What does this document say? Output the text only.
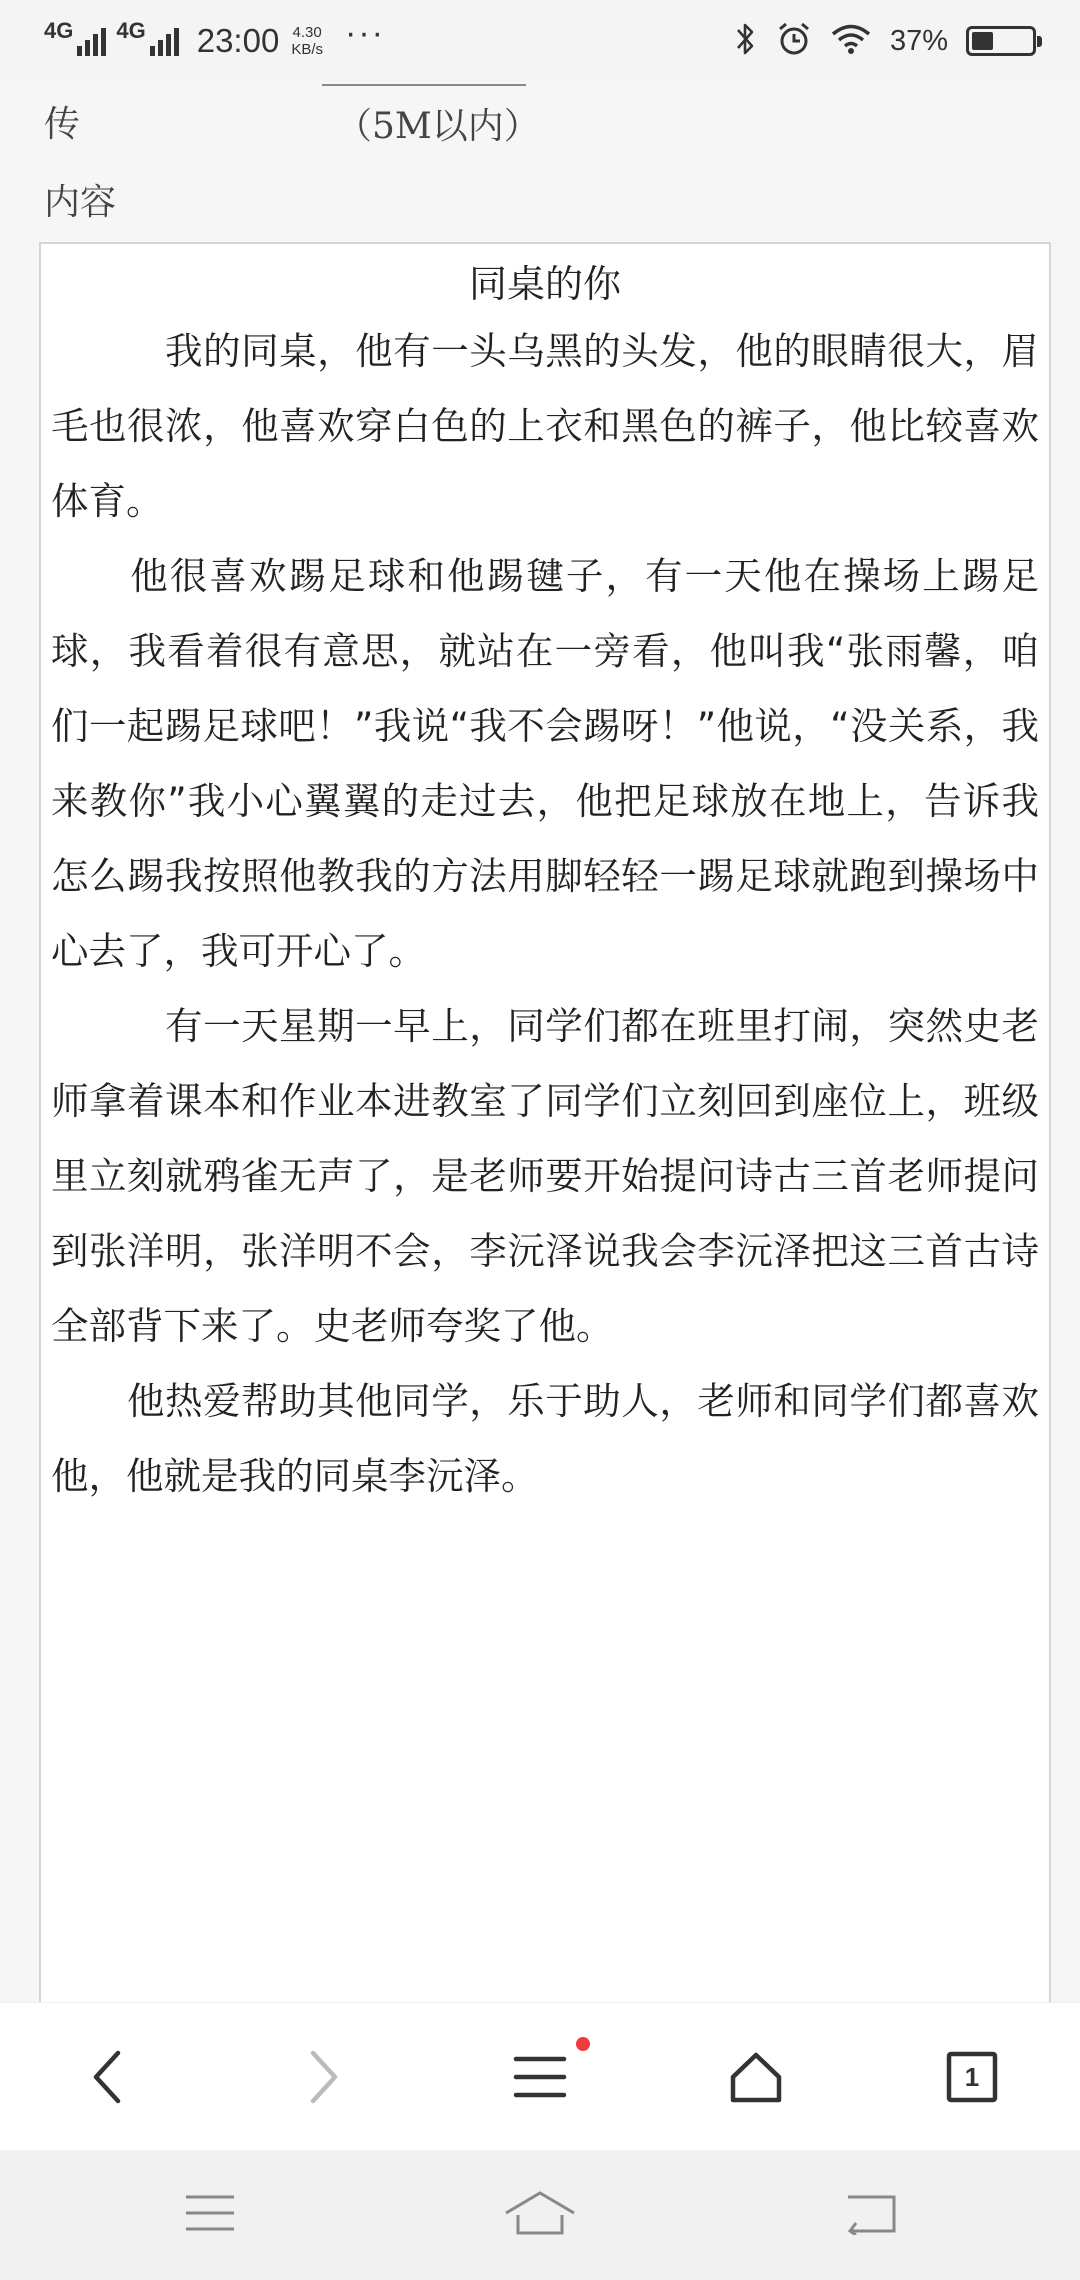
4G 4G 23:00 4.30
KB/s ···	37%
传	（5M以内）
内容

同桌的你

　　　我的同桌，他有一头乌黑的头发，他的眼睛很大，眉毛也很浓，他喜欢穿白色的上衣和黑色的裤子，他比较喜欢体育。

　　他很喜欢踢足球和他踢毽子，有一天他在操场上踢足球，我看着很有意思，就站在一旁看，他叫我“张雨馨，咱们一起踢足球吧！”我说“我不会踢呀！”他说，“没关系，我来教你”我小心翼翼的走过去，他把足球放在地上，告诉我怎么踢我按照他教我的方法用脚轻轻一踢足球就跑到操场中心去了，我可开心了。

　　　有一天星期一早上，同学们都在班里打闹，突然史老师拿着课本和作业本进教室了同学们立刻回到座位上，班级里立刻就鸦雀无声了，是老师要开始提问诗古三首老师提问到张洋明，张洋明不会，李沅泽说我会李沅泽把这三首古诗全部背下来了。史老师夸奖了他。

　　他热爱帮助其他同学，乐于助人，老师和同学们都喜欢他，他就是我的同桌李沅泽。

1
